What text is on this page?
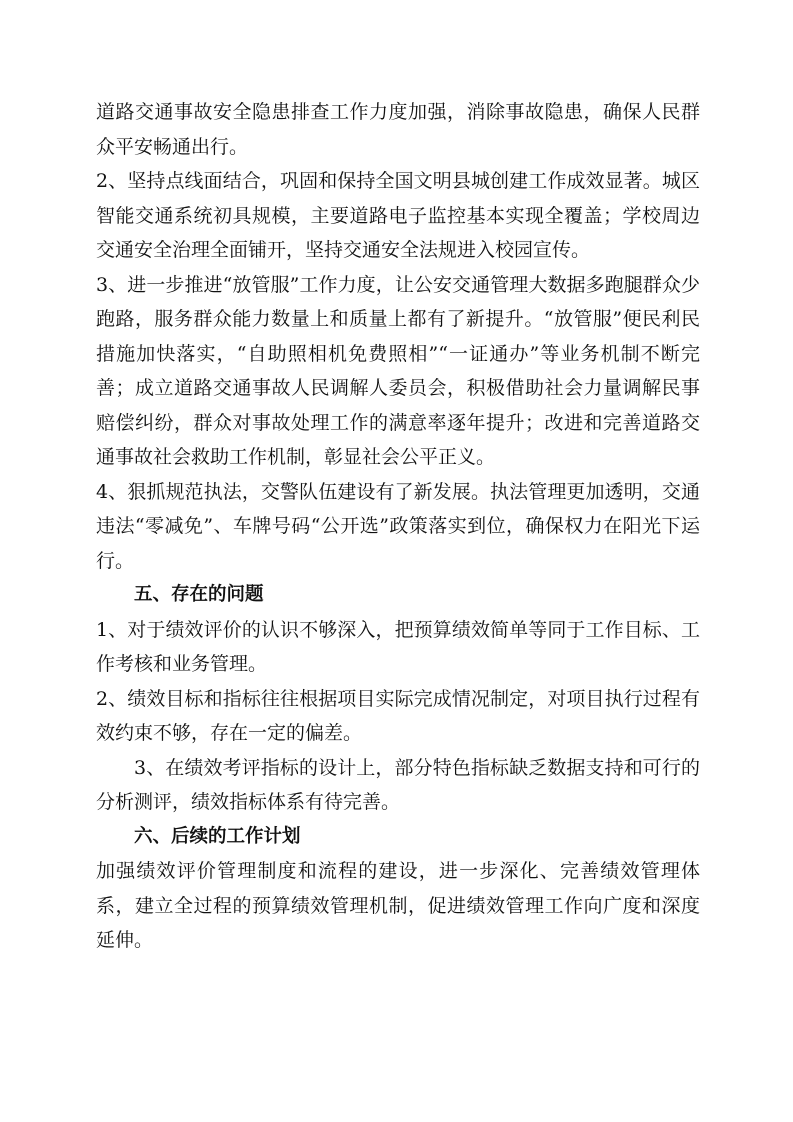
道路交通事故安全隐患排查工作力度加强，消除事故隐患，确保人民群众平安畅通出行。

2、坚持点线面结合，巩固和保持全国文明县城创建工作成效显著。城区智能交通系统初具规模，主要道路电子监控基本实现全覆盖；学校周边交通安全治理全面铺开，坚持交通安全法规进入校园宣传。

3、进一步推进“放管服”工作力度，让公安交通管理大数据多跑腿群众少跑路，服务群众能力数量上和质量上都有了新提升。“放管服”便民利民措施加快落实，“自助照相机免费照相”“一证通办”等业务机制不断完善；成立道路交通事故人民调解人委员会，积极借助社会力量调解民事赔偿纠纷，群众对事故处理工作的满意率逐年提升；改进和完善道路交通事故社会救助工作机制，彰显社会公平正义。

4、狠抓规范执法，交警队伍建设有了新发展。执法管理更加透明，交通违法“零减免”、车牌号码“公开选”政策落实到位，确保权力在阳光下运行。

五、存在的问题

1、对于绩效评价的认识不够深入，把预算绩效简单等同于工作目标、工作考核和业务管理。

2、绩效目标和指标往往根据项目实际完成情况制定，对项目执行过程有效约束不够，存在一定的偏差。

3、在绩效考评指标的设计上，部分特色指标缺乏数据支持和可行的分析测评，绩效指标体系有待完善。

六、后续的工作计划

加强绩效评价管理制度和流程的建设，进一步深化、完善绩效管理体系，建立全过程的预算绩效管理机制，促进绩效管理工作向广度和深度延伸。
